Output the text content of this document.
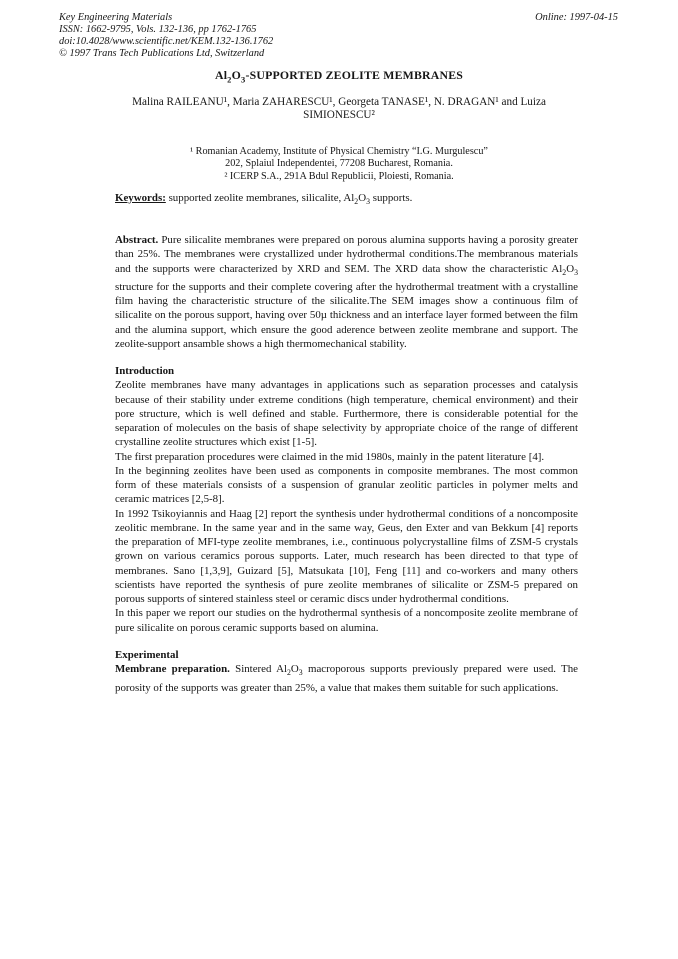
Key Engineering Materials
ISSN: 1662-9795, Vols. 132-136, pp 1762-1765
doi:10.4028/www.scientific.net/KEM.132-136.1762
© 1997 Trans Tech Publications Ltd, Switzerland
Online: 1997-04-15
$Al_2O_3$-SUPPORTED ZEOLITE MEMBRANES
Malina RAILEANU¹, Maria ZAHARESCU¹, Georgeta TANASE¹, N. DRAGAN¹ and Luiza
SIMIONESCU²
¹ Romanian Academy, Institute of Physical Chemistry “I.G. Murgulescu”
202, Splaiul Independentei, 77208 Bucharest, Romania.
² ICERP S.A., 291A Bdul Republicii, Ploiesti, Romania.
Keywords: supported zeolite membranes, silicalite, $Al_2O_3$ supports.

Abstract. Pure silicalite membranes were prepared on porous alumina supports having a porosity greater than 25%. The membranes were crystallized under hydrothermal conditions.The membranous materials and the supports were characterized by XRD and SEM. The XRD data show the characteristic $Al_2O_3$ structure for the supports and their complete covering after the hydrothermal treatment with a crystalline film having the characteristic structure of the silicalite.The SEM images show a continuous film of silicalite on the porous support, having over 50µ thickness and an interface layer formed between the film and the alumina support, which ensure the good aderence between zeolite membrane and support. The zeolite-support ansamble shows a high thermomechanical stability.

Introduction

Zeolite membranes have many advantages in applications such as separation processes and catalysis because of their stability under extreme conditions (high temperature, chemical environment) and their pore structure, which is well defined and stable. Furthermore, there is considerable potential for the separation of molecules on the basis of shape selectivity by appropriate choice of the range of different crystalline zeolite structures which exist [1-5].

The first preparation procedures were claimed in the mid 1980s, mainly in the patent literature [4].

In the beginning zeolites have been used as components in composite membranes. The most common form of these materials consists of a suspension of granular zeolitic particles in polymer melts and ceramic matrices [2,5-8].

In 1992 Tsikoyiannis and Haag [2] report the synthesis under hydrothermal conditions of a noncomposite zeolitic membrane. In the same year and in the same way, Geus, den Exter and van Bekkum [4] reports the preparation of MFI-type zeolite membranes, i.e., continuous polycrystalline films of ZSM-5 crystals grown on various ceramics porous supports. Later, much research has been directed to that type of membranes. Sano [1,3,9], Guizard [5], Matsukata [10], Feng [11] and co-workers and many others scientists have reported the synthesis of pure zeolite membranes of silicalite or ZSM-5 prepared on porous supports of sintered stainless steel or ceramic discs under hydrothermal conditions.

In this paper we report our studies on the hydrothermal synthesis of a noncomposite zeolite membrane of pure silicalite on porous ceramic supports based on alumina.

Experimental

Membrane preparation. Sintered $Al_2O_3$ macroporous supports previously prepared were used. The porosity of the supports was greater than 25%, a value that makes them suitable for such applications.
